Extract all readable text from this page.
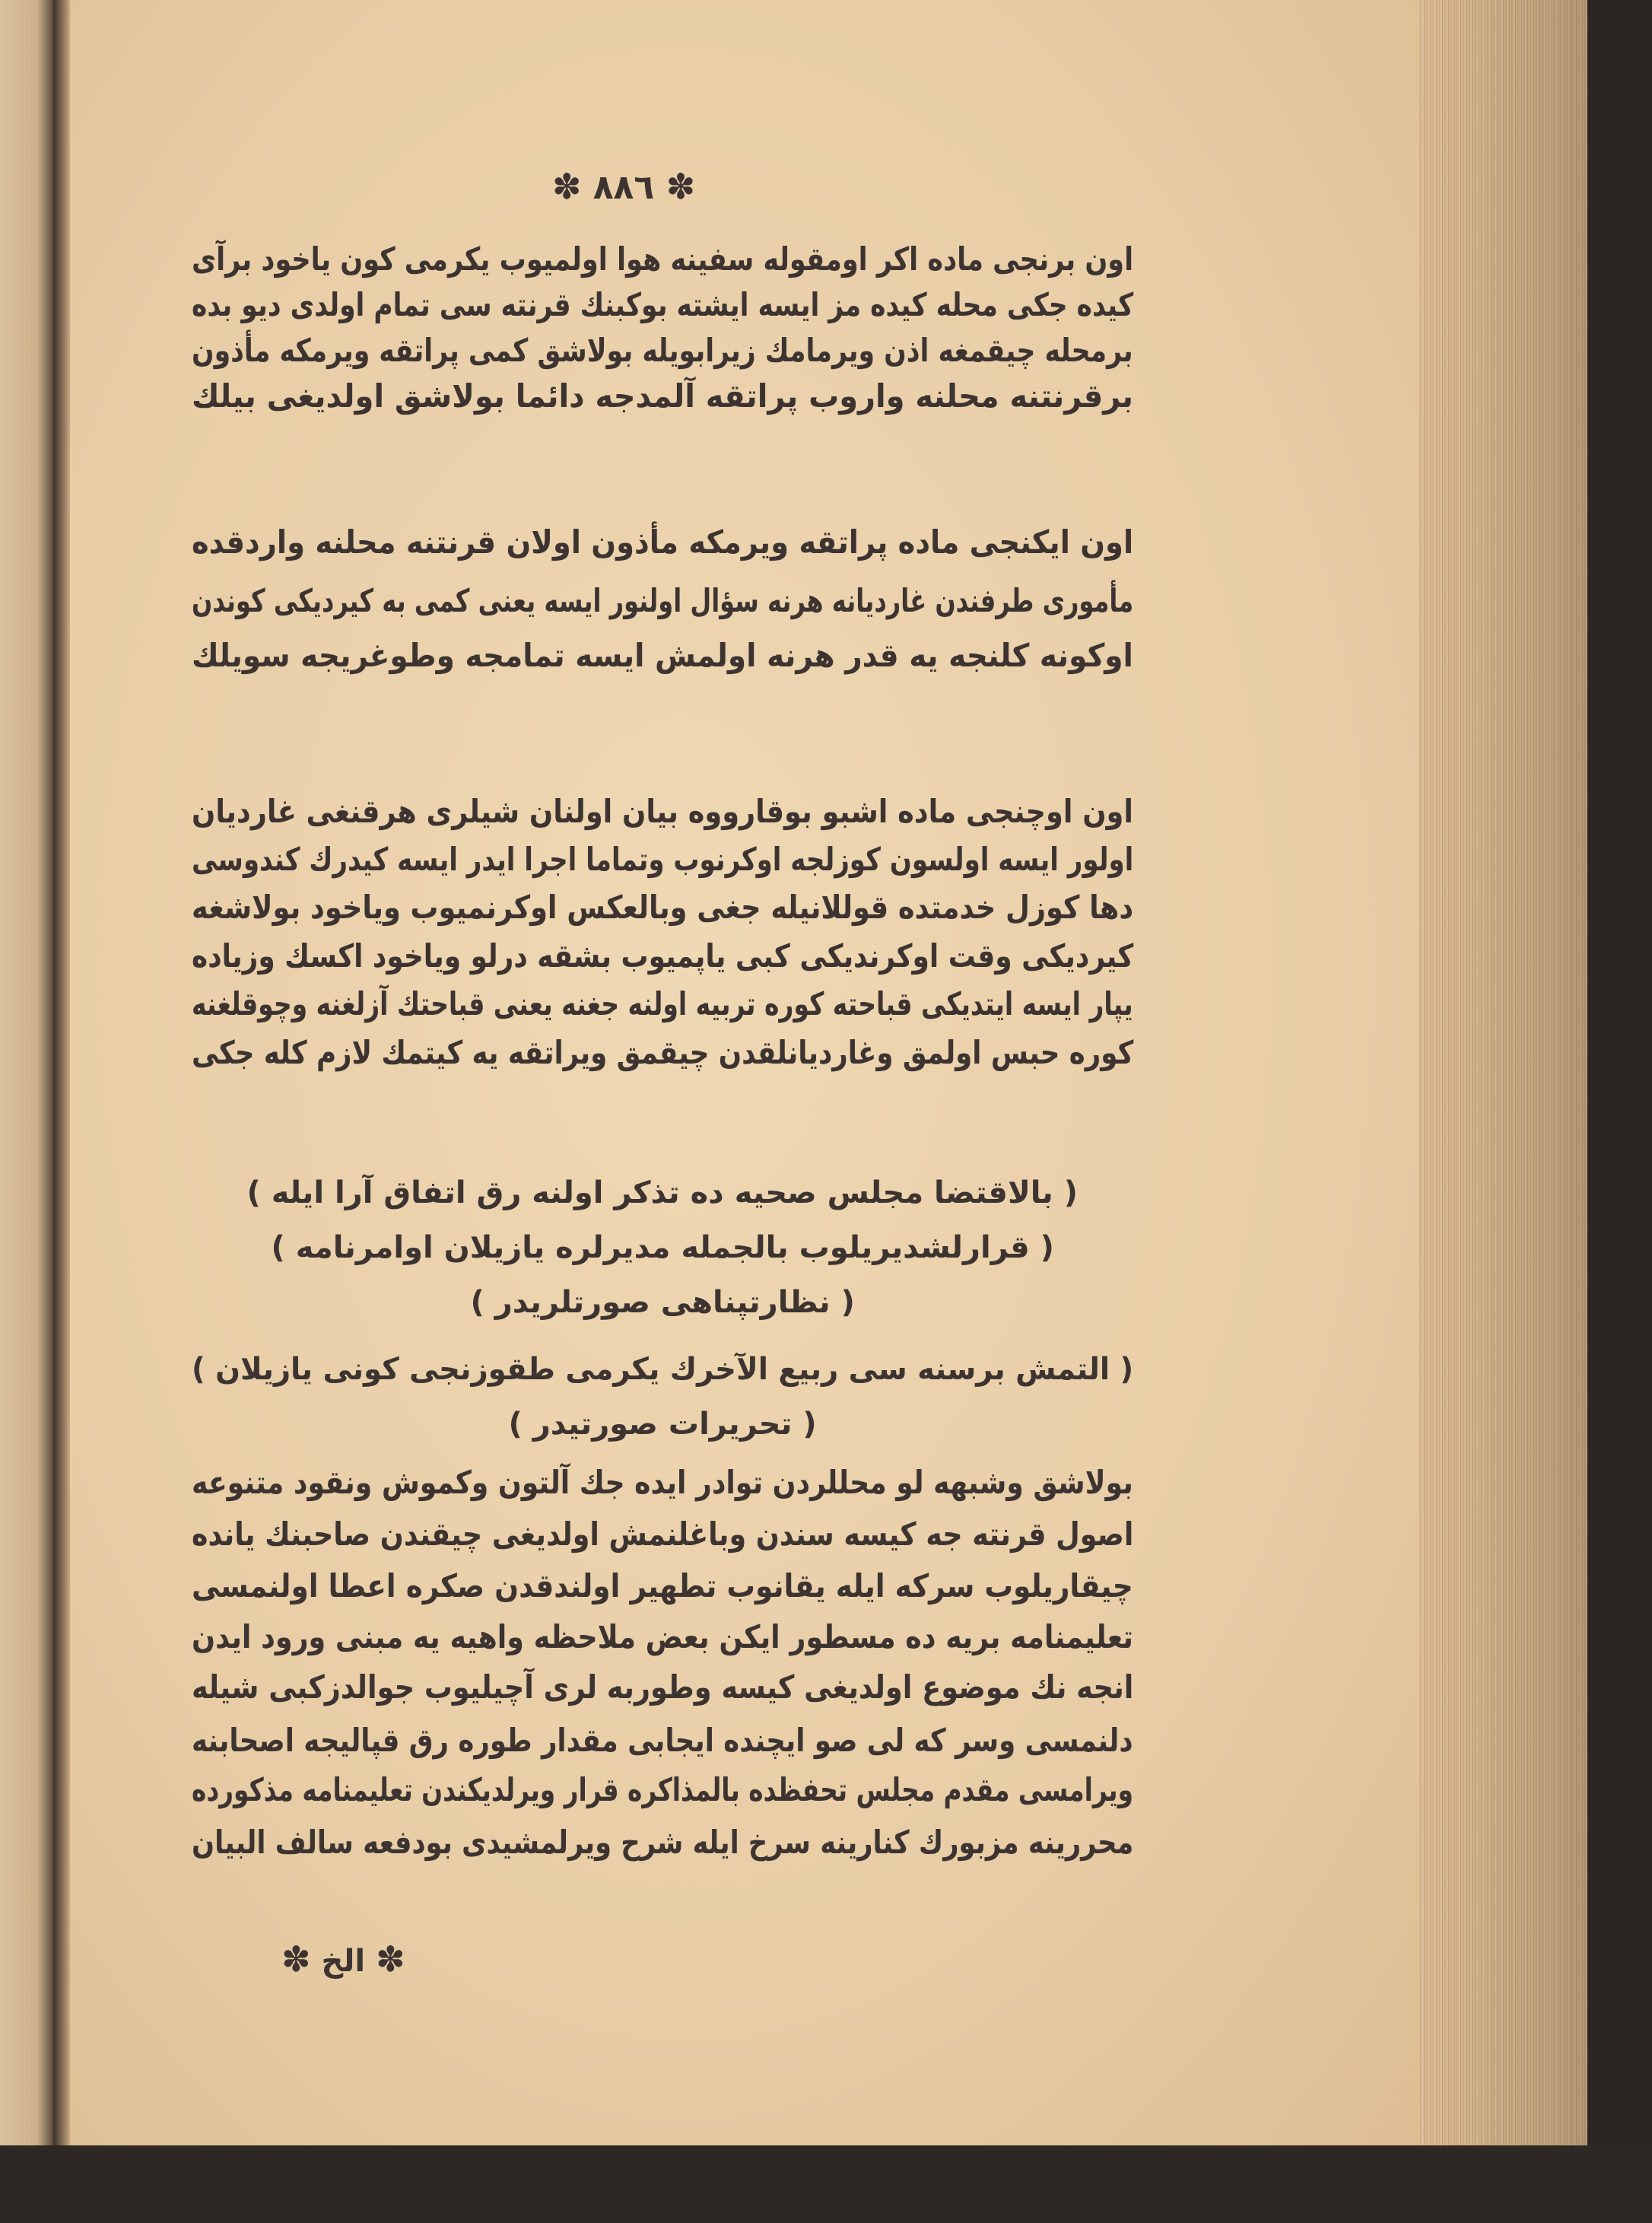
✽ ٨٨٦ ✽
اون برنجی ماده اكر اومقوله سفینه هوا اولمیوب یكرمی كون یاخود برآی
كیده جكی محله كیده مز ایسه ایشته بوكبنك قرنته سی تمام اولدی دیو بده
برمحله چیقمغه اذن ویرمامك زیرابویله بولاشق كمی پراتقه ویرمكه مأذون
برقرنتنه محلنه واروب پراتقه آلمدجه دائما بولاشق اولدیغی بیلك
اون ایكنجی ماده پراتقه ویرمكه مأذون اولان قرنتنه محلنه واردقده
مأموری طرفندن غاردیانه هرنه سؤال اولنور ایسه یعنی كمی به كیردیكی كوندن
اوكونه كلنجه یه قدر هرنه اولمش ایسه تمامجه وطوغریجه سویلك
اون اوچنجی ماده اشبو بوقارووه بیان اولنان شیلری هرقنغی غاردیان
اولور ایسه اولسون كوزلجه اوكرنوب وتماما اجرا ایدر ایسه كیدرك كندوسی
دها كوزل خدمتده قوللانیله جغی وبالعكس اوكرنمیوب ویاخود بولاشغه
كیردیكی وقت اوكرندیكی كبی یاپمیوب بشقه درلو ویاخود اكسك وزیاده
یپار ایسه ایتدیكی قباحته كوره تربیه اولنه جغنه یعنی قباحتك آزلغنه وچوقلغنه
كوره حبس اولمق وغاردیانلقدن چیقمق ویراتقه یه كیتمك لازم كله جكی
( بالاقتضا مجلس صحیه ده تذكر اولنه رق اتفاق آرا ایله )
( قرارلشدیریلوب بالجمله مدیرلره یازیلان اوامرنامه )
( نظارتپناهی صورتلریدر )
( التمش برسنه سی ربیع الآخرك یكرمی طقوزنجی كونی یازیلان )
( تحریرات صورتیدر )
بولاشق وشبهه لو محللردن توادر ایده جك آلتون وكموش ونقود متنوعه
اصول قرنته جه كیسه سندن وباغلنمش اولدیغی چیقندن صاحبنك یانده
چیقاریلوب سركه ایله یقانوب تطهیر اولندقدن صكره اعطا اولنمسی
تعلیمنامه بریه ده مسطور ایكن بعض ملاحظه واهیه یه مبنی ورود ایدن
انجه نك موضوع اولدیغی كیسه وطوربه لری آچیلیوب جوالدزكبی شیله
دلنمسی وسر كه لی صو ایچنده ایجابی مقدار طوره رق قپالیجه اصحابنه
ویرامسی مقدم مجلس تحفظده بالمذاكره قرار ویرلدیكندن تعلیمنامه مذكورده
محررینه مزبورك كنارینه سرخ ایله شرح ویرلمشیدی بودفعه سالف البیان
✽ الخ ✽
